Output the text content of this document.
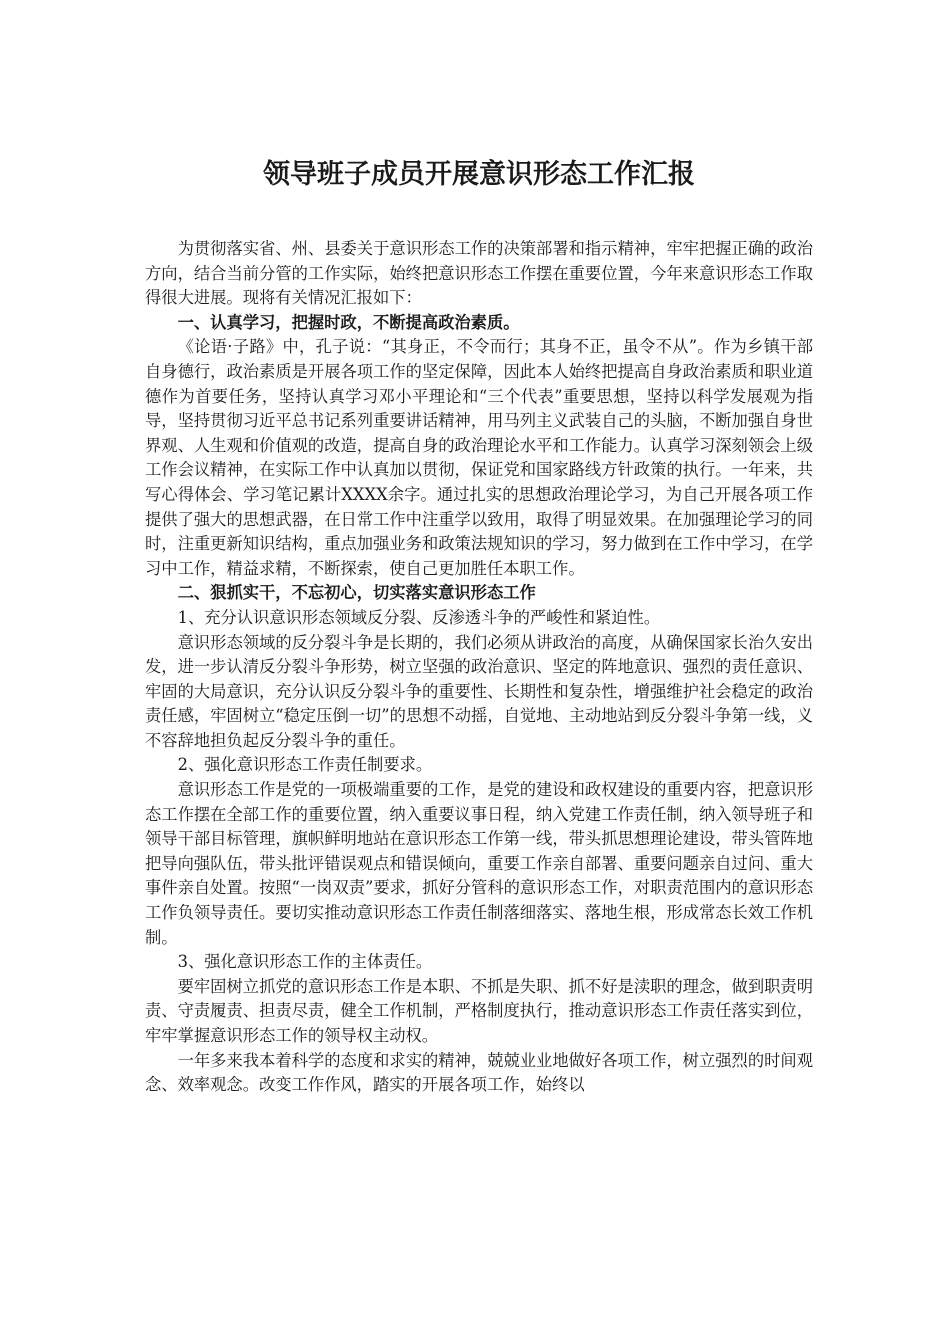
领导班子成员开展意识形态工作汇报

为贯彻落实省、州、县委关于意识形态工作的决策部署和指示精神，牢牢把握正确的政治方向，结合当前分管的工作实际，始终把意识形态工作摆在重要位置，今年来意识形态工作取得很大进展。现将有关情况汇报如下：

一、认真学习，把握时政，不断提高政治素质。

《论语·子路》中，孔子说：“其身正，不令而行；其身不正，虽令不从”。作为乡镇干部自身德行，政治素质是开展各项工作的坚定保障，因此本人始终把提高自身政治素质和职业道德作为首要任务，坚持认真学习邓小平理论和“三个代表”重要思想，坚持以科学发展观为指导，坚持贯彻习近平总书记系列重要讲话精神，用马列主义武装自己的头脑，不断加强自身世界观、人生观和价值观的改造，提高自身的政治理论水平和工作能力。认真学习深刻领会上级工作会议精神，在实际工作中认真加以贯彻，保证党和国家路线方针政策的执行。一年来，共写心得体会、学习笔记累计XXXX余字。通过扎实的思想政治理论学习，为自己开展各项工作提供了强大的思想武器，在日常工作中注重学以致用，取得了明显效果。在加强理论学习的同时，注重更新知识结构，重点加强业务和政策法规知识的学习，努力做到在工作中学习，在学习中工作，精益求精，不断探索，使自己更加胜任本职工作。

二、狠抓实干，不忘初心，切实落实意识形态工作

1、充分认识意识形态领域反分裂、反渗透斗争的严峻性和紧迫性。

意识形态领域的反分裂斗争是长期的，我们必须从讲政治的高度，从确保国家长治久安出发，进一步认清反分裂斗争形势，树立坚强的政治意识、坚定的阵地意识、强烈的责任意识、牢固的大局意识，充分认识反分裂斗争的重要性、长期性和复杂性，增强维护社会稳定的政治责任感，牢固树立“稳定压倒一切”的思想不动摇，自觉地、主动地站到反分裂斗争第一线，义不容辞地担负起反分裂斗争的重任。

2、强化意识形态工作责任制要求。

意识形态工作是党的一项极端重要的工作，是党的建设和政权建设的重要内容，把意识形态工作摆在全部工作的重要位置，纳入重要议事日程，纳入党建工作责任制，纳入领导班子和领导干部目标管理，旗帜鲜明地站在意识形态工作第一线，带头抓思想理论建设，带头管阵地把导向强队伍，带头批评错误观点和错误倾向，重要工作亲自部署、重要问题亲自过问、重大事件亲自处置。按照“一岗双责”要求，抓好分管科的意识形态工作，对职责范围内的意识形态工作负领导责任。要切实推动意识形态工作责任制落细落实、落地生根，形成常态长效工作机制。

3、强化意识形态工作的主体责任。

要牢固树立抓党的意识形态工作是本职、不抓是失职、抓不好是渎职的理念，做到职责明责、守责履责、担责尽责，健全工作机制，严格制度执行，推动意识形态工作责任落实到位，牢牢掌握意识形态工作的领导权主动权。

一年多来我本着科学的态度和求实的精神，兢兢业业地做好各项工作，树立强烈的时间观念、效率观念。改变工作作风，踏实的开展各项工作，始终以
